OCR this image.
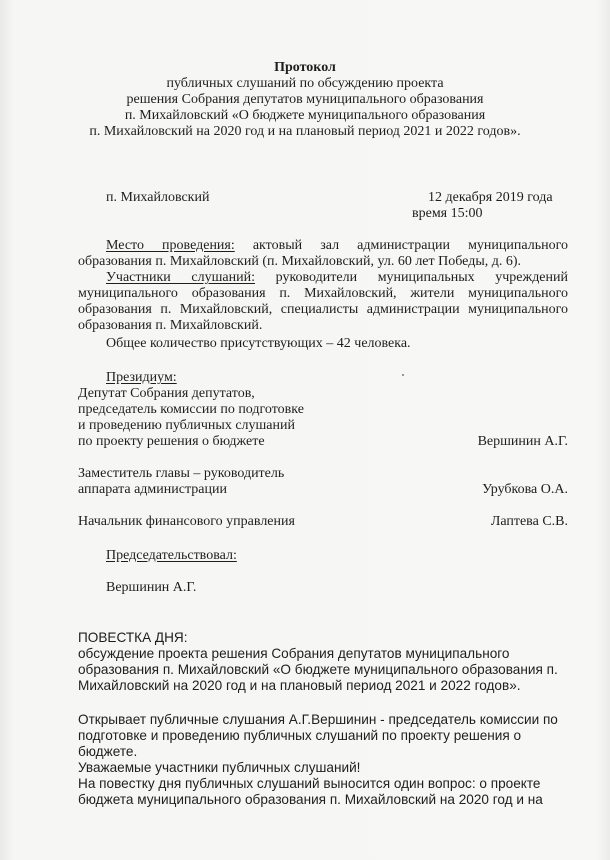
Протокол
публичных слушаний по обсуждению проекта
решения Собрания депутатов муниципального образования
п. Михайловский «О бюджете муниципального образования
п. Михайловский на 2020 год и на плановый период 2021 и 2022 годов».
п. Михайловский	12 декабря 2019 года
время 15:00
Место проведения: актовый зал администрации муниципального
образования п. Михайловский (п. Михайловский, ул. 60 лет Победы, д. 6).
Участники слушаний: руководители муниципальных учреждений
муниципального образования п. Михайловский, жители муниципального
образования п. Михайловский, специалисты администрации муниципального
образования п. Михайловский.
Общее количество присутствующих – 42 человека.
Президиум:
Депутат Собрания депутатов,
председатель комиссии по подготовке
и проведению публичных слушаний
по проекту решения о бюджете	Вершинин А.Г.
Заместитель главы – руководитель
аппарата администрации	Урубкова О.А.
Начальник финансового управления	Лаптева С.В.
Председательствовал:
Вершинин А.Г.
ПОВЕСТКА ДНЯ:
обсуждение проекта решения Собрания депутатов муниципального
образования п. Михайловский «О бюджете муниципального образования п.
Михайловский на 2020 год и на плановый период 2021 и 2022 годов».
Открывает публичные слушания А.Г.Вершинин - председатель комиссии по
подготовке и проведению публичных слушаний по проекту решения о
бюджете.
Уважаемые участники публичных слушаний!
На повестку дня публичных слушаний выносится один вопрос: о проекте
бюджета муниципального образования п. Михайловский на 2020 год и на
